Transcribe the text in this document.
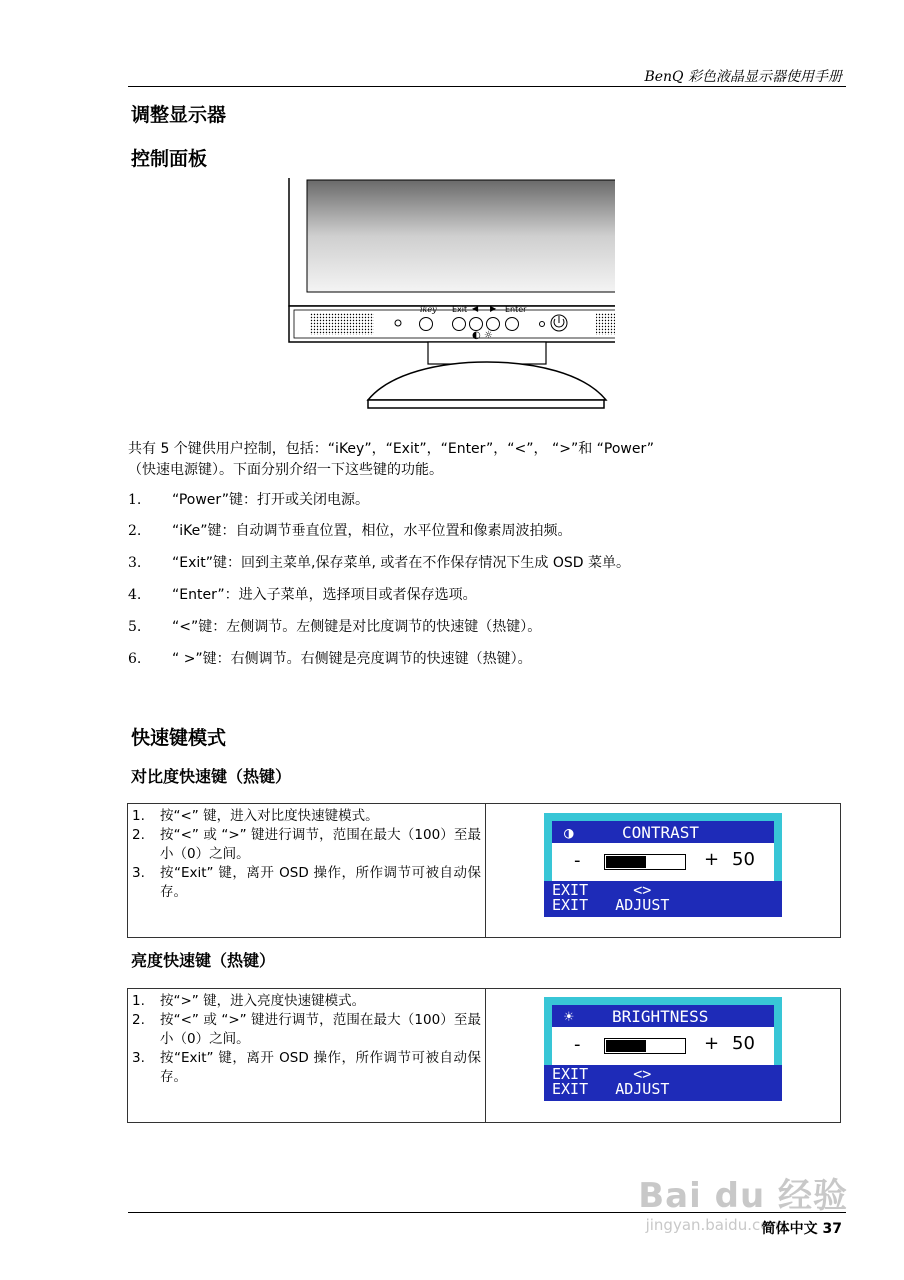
BenQ 彩色液晶显示器使用手册
调整显示器
控制面板
ikey Exit ◀ ▶ Enter
◐ ☼
共有 5 个键供用户控制，包括：“iKey”，“Exit”，“Enter”，“<”， “>”和 “Power”
（快速电源键）。下面分别介绍一下这些键的功能。
1. “Power”键：打开或关闭电源。
2. “iKe”键：自动调节垂直位置，相位，水平位置和像素周波拍频。
3. “Exit”键：回到主菜单,保存菜单, 或者在不作保存情况下生成 OSD 菜单。
4. “Enter”：进入子菜单，选择项目或者保存选项。
5. “<”键：左侧调节。左侧键是对比度调节的快速键（热键）。
6. “ >”键：右侧调节。右侧键是亮度调节的快速键（热键）。
快速键模式
对比度快速键（热键）
1.	按“<” 键，进入对比度快速键模式。
2.	按“<” 或 “>” 键进行调节，范围在最大（100）至最小（0）之间。
3.	按“Exit” 键，离开 OSD 操作，所作调节可被自动保存。
◑	CONTRAST
-	+ 50
EXIT     <>
EXIT   ADJUST
亮度快速键（热键）
1.	按“>” 键，进入亮度快速键模式。
2.	按“<” 或 “>” 键进行调节，范围在最大（100）至最小（0）之间。
3.	按“Exit” 键，离开 OSD 操作，所作调节可被自动保存。
☀ BRIGHTNESS
-	+ 50
EXIT     <>
EXIT   ADJUST
Bai du 经验
jingyan.baidu.com
简体中文 37
